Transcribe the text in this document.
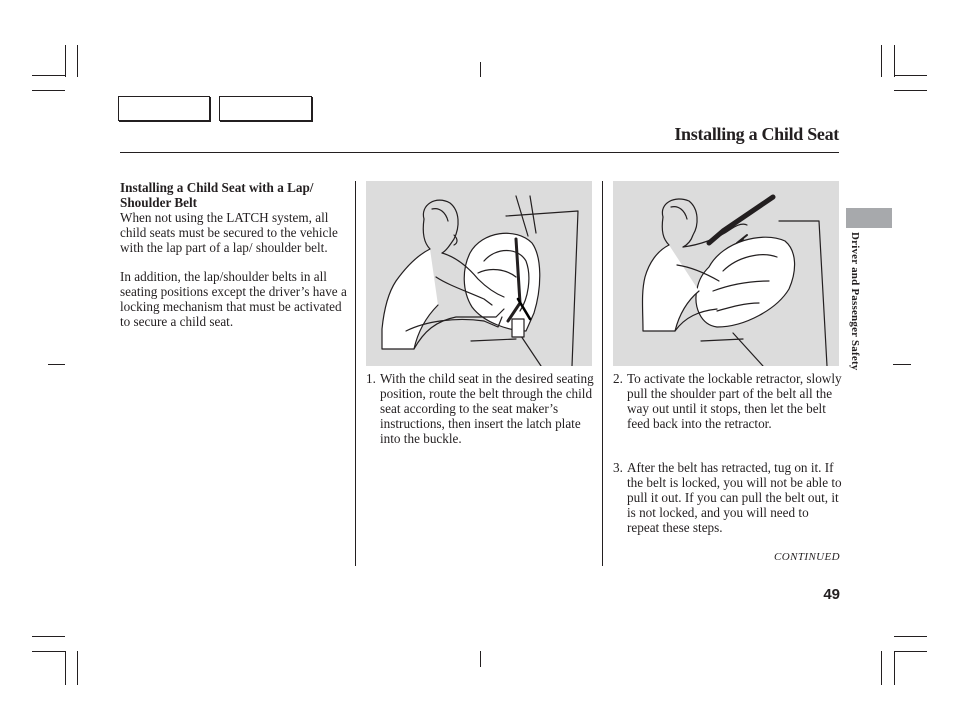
Installing a Child Seat
Installing a Child Seat with a Lap/ Shoulder Belt
When not using the LATCH system, all child seats must be secured to the vehicle with the lap part of a lap/ shoulder belt.
In addition, the lap/shoulder belts in all seating positions except the driver’s have a locking mechanism that must be activated to secure a child seat.
1. With the child seat in the desired seating position, route the belt through the child seat according to the seat maker’s instructions, then insert the latch plate into the buckle.
2. To activate the lockable retractor, slowly pull the shoulder part of the belt all the way out until it stops, then let the belt feed back into the retractor.
3. After the belt has retracted, tug on it. If the belt is locked, you will not be able to pull it out. If you can pull the belt out, it is not locked, and you will need to repeat these steps.
Driver and Passenger Safety
CONTINUED
49
